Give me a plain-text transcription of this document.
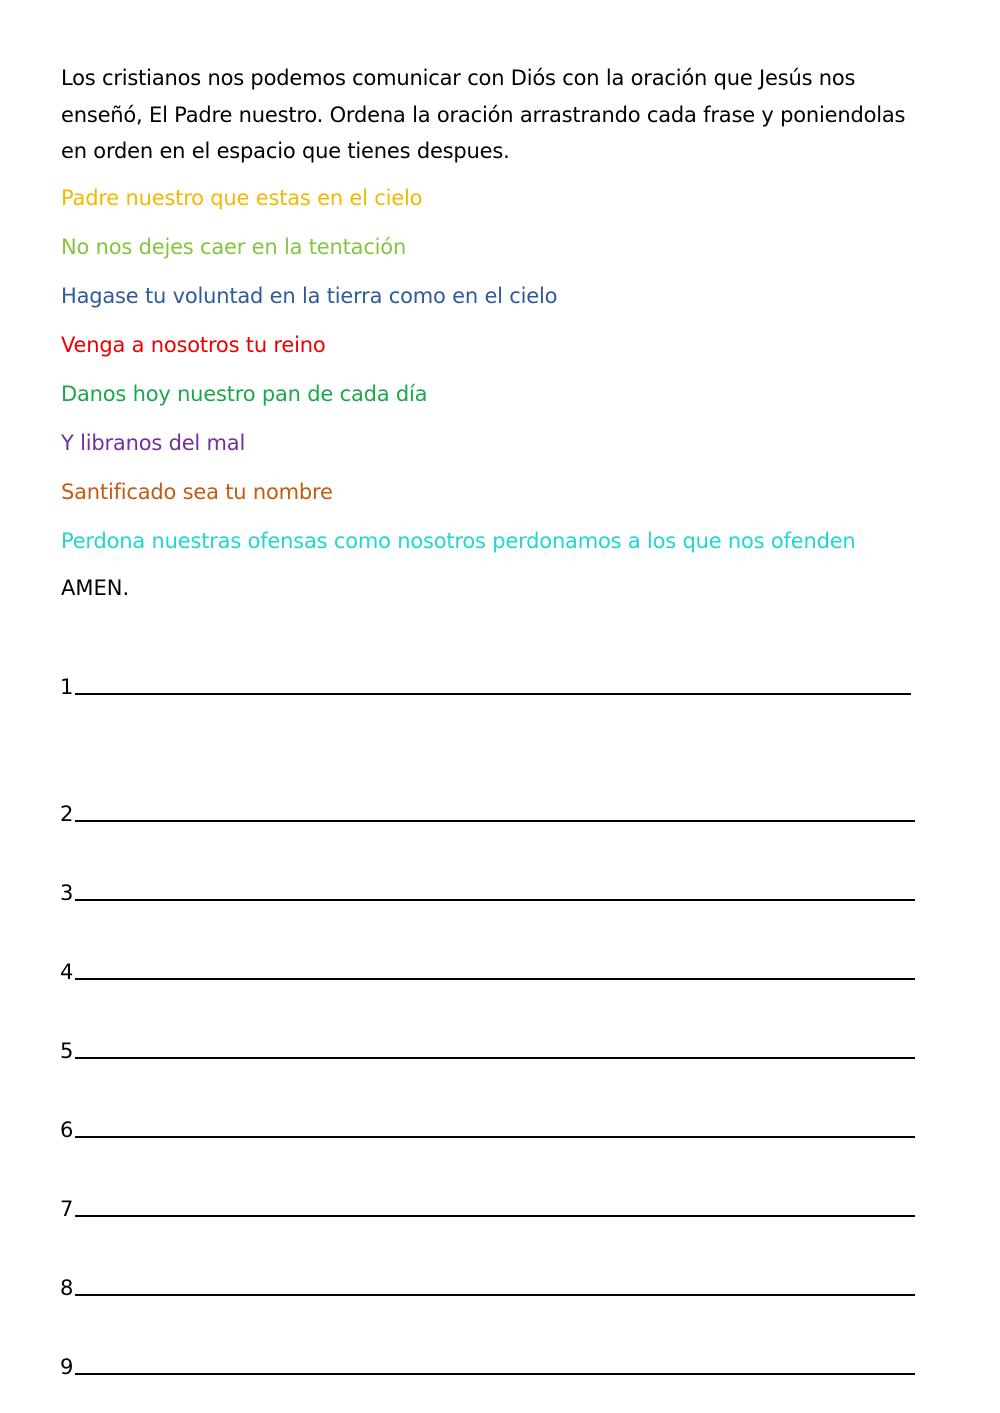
Los cristianos nos podemos comunicar con Diós con la oración que Jesús nos enseñó, El Padre nuestro. Ordena la oración arrastrando cada frase y poniendolas en orden en el espacio que tienes despues.

Padre nuestro que estas en el cielo
No nos dejes caer en la tentación
Hagase tu voluntad en la tierra como en el cielo
Venga a nosotros tu reino
Danos hoy nuestro pan de cada día
Y libranos del mal
Santificado sea tu nombre
Perdona nuestras ofensas como nosotros perdonamos a los que nos ofenden

AMEN.

1
2
3
4
5
6
7
8
9
